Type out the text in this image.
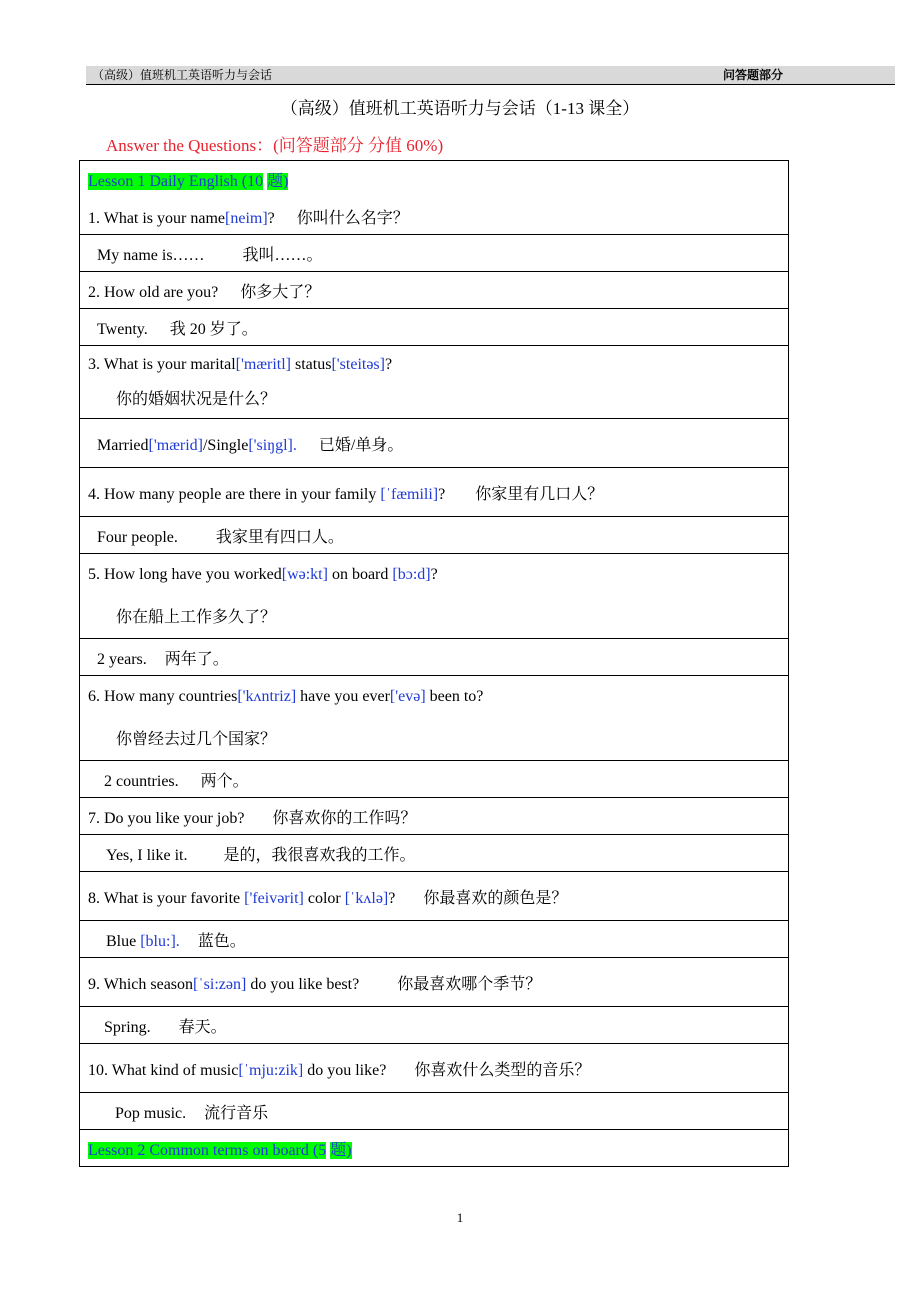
（高级）值班机工英语听力与会话	问答题部分
（高级）值班机工英语听力与会话（1-13 课全）
Answer the Questions：(问答题部分 分值 60%)
Lesson 1 Daily English (10 题)
1. What is your name[neim]? 你叫什么名字？

My name is…… 我叫……。
2. How old are you? 你多大了？
Twenty. 我 20 岁了。

3. What is your marital['mæritl] status['steitəs]?
你的婚姻状况是什么？

Married['mærid]/Single['siŋgl]. 已婚/单身。
4. How many people are there in your family [ˈfæmili]? 你家里有几口人？
Four people. 我家里有四口人。

5. How long have you worked[wə:kt] on board [bɔ:d]?
你在船上工作多久了？

2 years. 两年了。

6. How many countries['kʌntriz] have you ever['evə] been to?
你曾经去过几个国家？

2 countries. 两个。
7. Do you like your job? 你喜欢你的工作吗？
Yes, I like it. 是的，我很喜欢我的工作。
8. What is your favorite ['feivərit] color [ˈkʌlə]? 你最喜欢的颜色是？
Blue [blu:]. 蓝色。
9. Which season[ˈsi:zən] do you like best? 你最喜欢哪个季节？
Spring. 春天。
10. What kind of music[ˈmju:zik] do you like? 你喜欢什么类型的音乐？
Pop music. 流行音乐
Lesson 2 Common terms on board (5 题)
1
